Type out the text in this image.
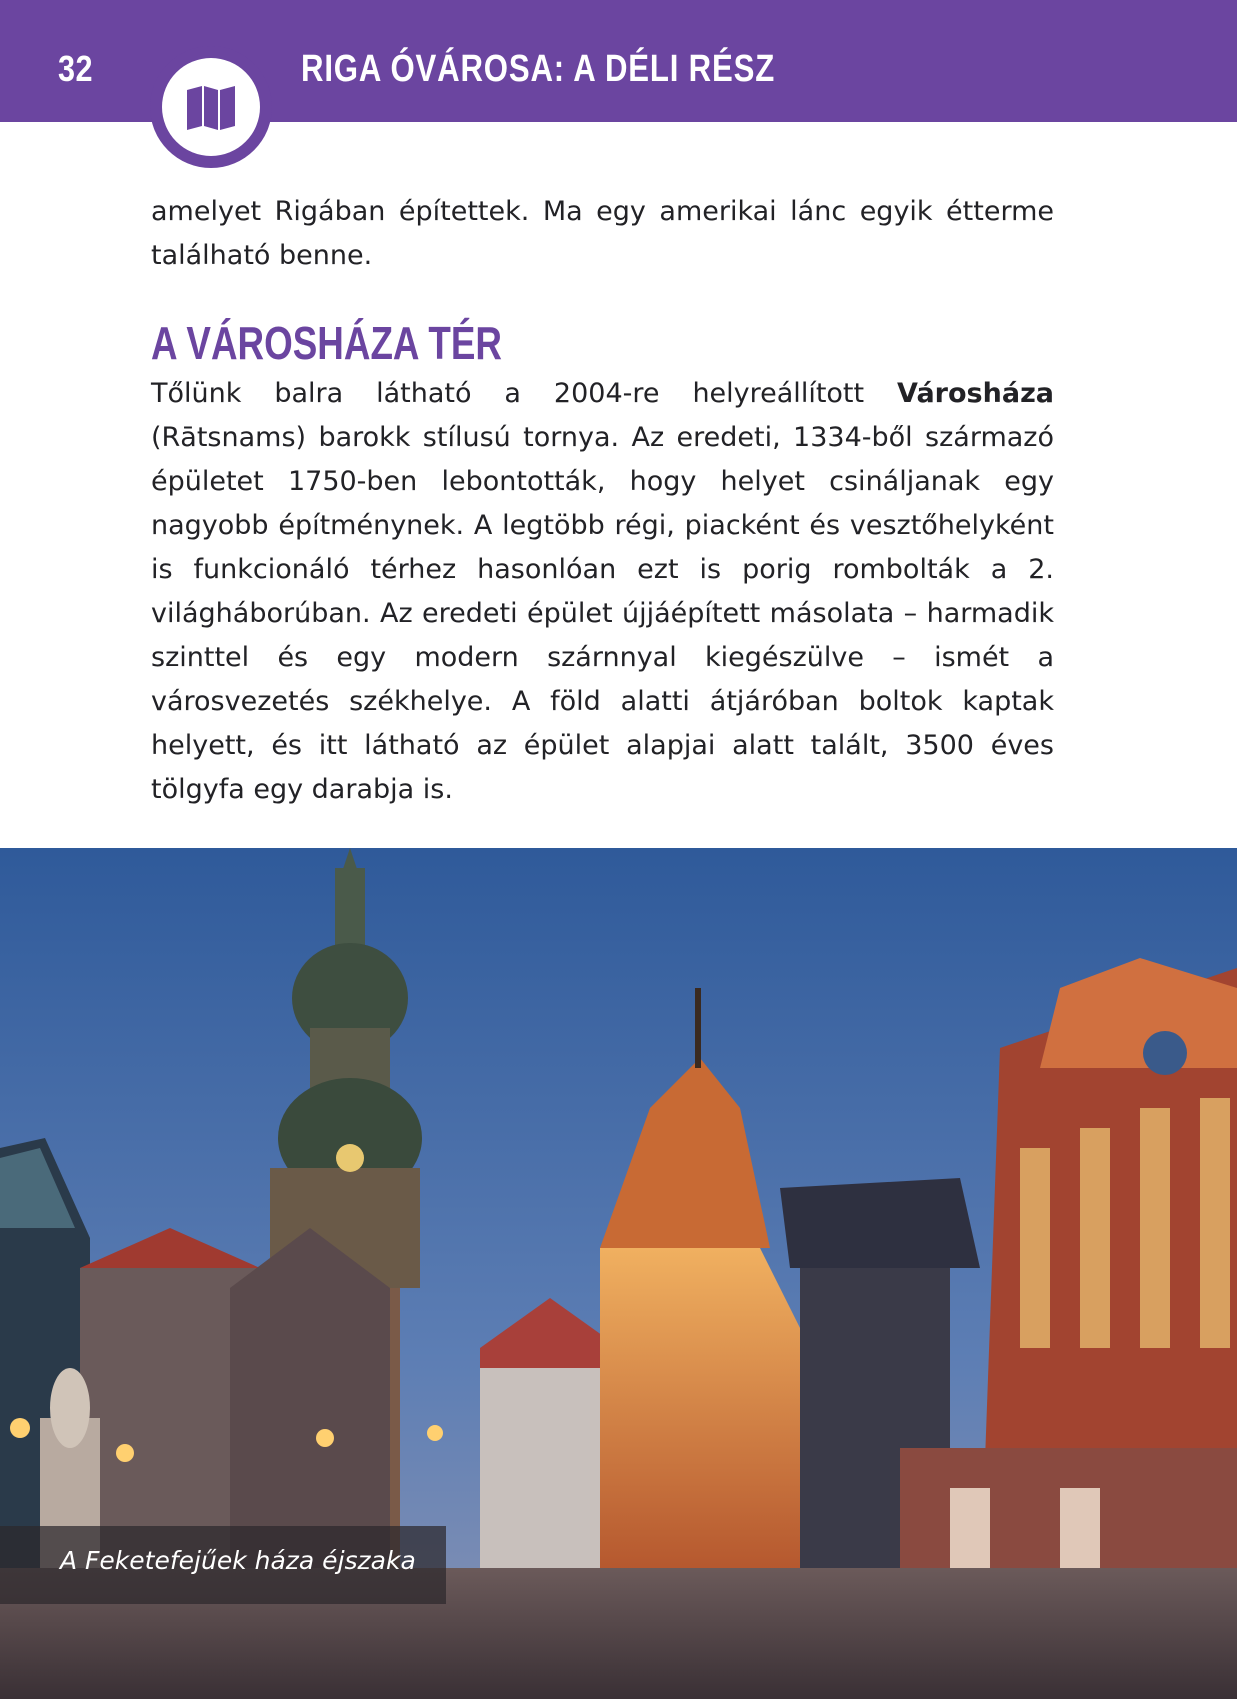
32	RIGA ÓVÁROSA: A DÉLI RÉSZ

amelyet Rigában építettek. Ma egy amerikai lánc egyik étterme található benne.

A VÁROSHÁZA TÉR

Tőlünk balra látható a 2004-re helyreállított Városháza (Rātsnams) barokk stílusú tornya. Az eredeti, 1334-ből származó épületet 1750-ben lebontották, hogy helyet csináljanak egy nagyobb építménynek. A legtöbb régi, piacként és vesztőhelyként is funkcionáló térhez hasonlóan ezt is porig rombolták a 2. világháborúban. Az eredeti épület újjáépített másolata – harmadik szinttel és egy modern szárnnyal kiegészülve – ismét a városvezetés székhelye. A föld alatti átjáróban boltok kaptak helyett, és itt látható az épület alapjai alatt talált, 3500 éves tölgyfa egy darabja is.

A Feketefejűek háza éjszaka
